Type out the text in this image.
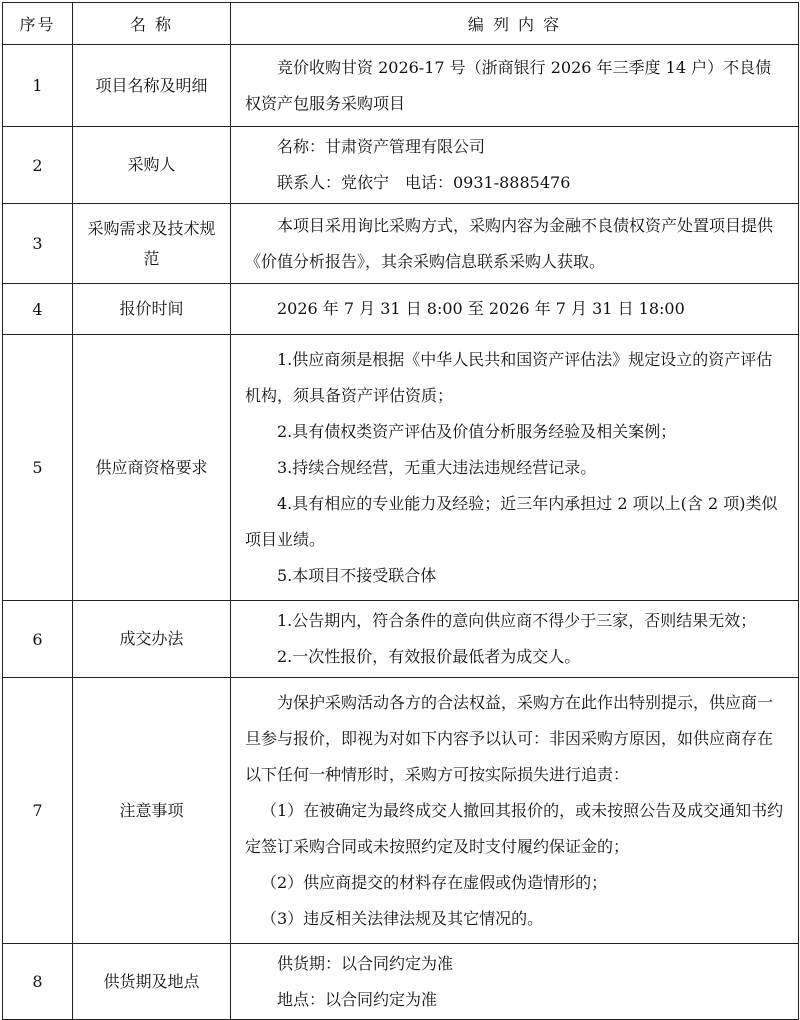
序号	名 称	编 列 内 容
1	项目名称及明细	竞价收购甘资 2026-17 号（浙商银行 2026 年三季度 14 户）不良债权资产包服务采购项目

2	采购人	名称：甘肃资产管理有限公司

联系人：党依宁　电话：0931-8885476

3	采购需求及技术规范	本项目采用询比采购方式，采购内容为金融不良债权资产处置项目提供《价值分析报告》，其余采购信息联系采购人获取。

4	报价时间	2026 年 7 月 31 日 8:00 至 2026 年 7 月 31 日 18:00

5	供应商资格要求	1.供应商须是根据《中华人民共和国资产评估法》规定设立的资产评估机构，须具备资产评估资质；

2.具有债权类资产评估及价值分析服务经验及相关案例；

3.持续合规经营，无重大违法违规经营记录。

4.具有相应的专业能力及经验；近三年内承担过 2 项以上(含 2 项)类似项目业绩。

5.本项目不接受联合体

6	成交办法	1.公告期内，符合条件的意向供应商不得少于三家，否则结果无效；

2.一次性报价，有效报价最低者为成交人。

7	注意事项	为保护采购活动各方的合法权益，采购方在此作出特别提示，供应商一旦参与报价，即视为对如下内容予以认可：非因采购方原因，如供应商存在以下任何一种情形时，采购方可按实际损失进行追责：

（1）在被确定为最终成交人撤回其报价的，或未按照公告及成交通知书约定签订采购合同或未按照约定及时支付履约保证金的；

（2）供应商提交的材料存在虚假或伪造情形的；

（3）违反相关法律法规及其它情况的。

8	供货期及地点	供货期：以合同约定为准

地点：以合同约定为准
